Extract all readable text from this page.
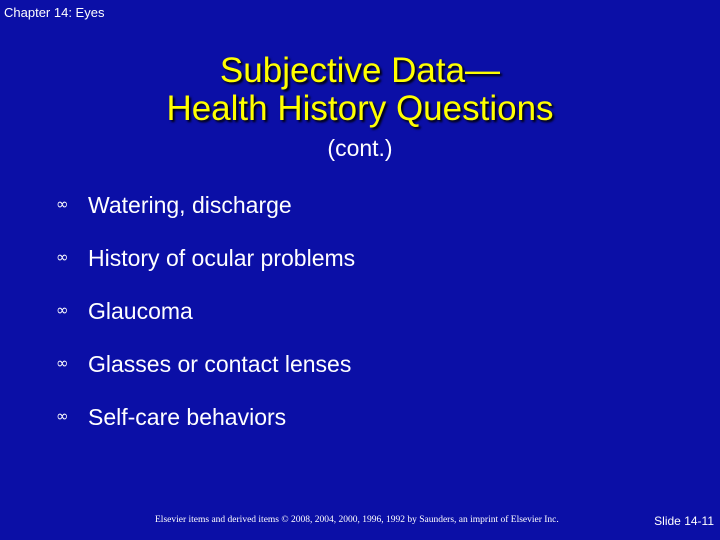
Chapter 14: Eyes
Subjective Data—
Health History Questions
(cont.)
∞ Watering, discharge
∞ History of ocular problems
∞ Glaucoma
∞ Glasses or contact lenses
∞ Self-care behaviors
Elsevier items and derived items © 2008, 2004, 2000, 1996, 1992 by Saunders, an imprint of Elsevier Inc.	Slide 14-11
